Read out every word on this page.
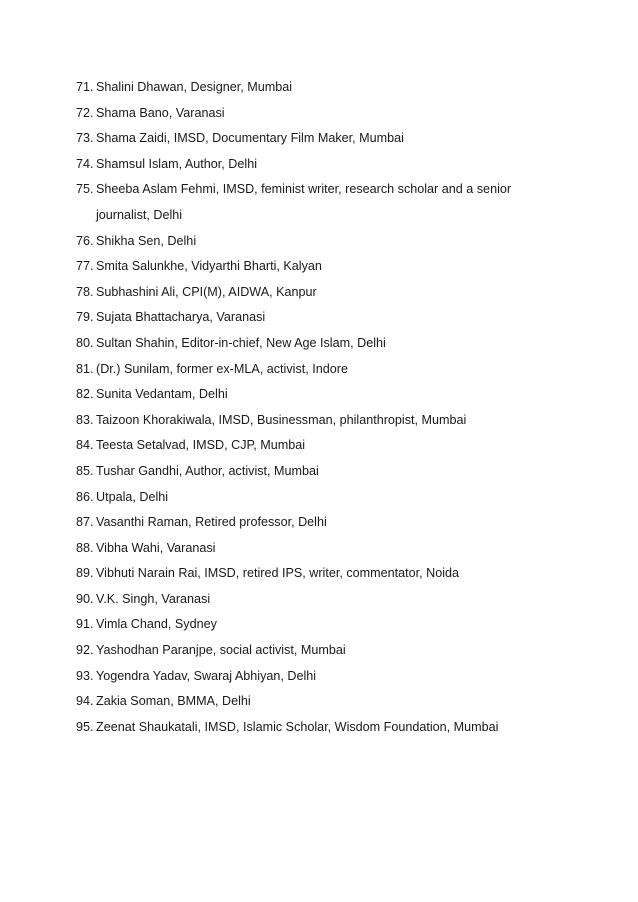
71. Shalini Dhawan, Designer, Mumbai
72. Shama Bano, Varanasi
73. Shama Zaidi, IMSD, Documentary Film Maker, Mumbai
74. Shamsul Islam, Author, Delhi
75. Sheeba Aslam Fehmi, IMSD, feminist writer, research scholar and a senior
journalist, Delhi
76. Shikha Sen, Delhi
77. Smita Salunkhe, Vidyarthi Bharti, Kalyan
78. Subhashini Ali, CPI(M), AIDWA, Kanpur
79. Sujata Bhattacharya, Varanasi
80. Sultan Shahin, Editor-in-chief, New Age Islam, Delhi
81. (Dr.) Sunilam, former ex-MLA, activist, Indore
82. Sunita Vedantam, Delhi
83. Taizoon Khorakiwala, IMSD, Businessman, philanthropist, Mumbai
84. Teesta Setalvad, IMSD, CJP, Mumbai
85. Tushar Gandhi, Author, activist, Mumbai
86. Utpala, Delhi
87. Vasanthi Raman, Retired professor, Delhi
88. Vibha Wahi, Varanasi
89. Vibhuti Narain Rai, IMSD, retired IPS, writer, commentator, Noida
90. V.K. Singh, Varanasi
91. Vimla Chand, Sydney
92. Yashodhan Paranjpe, social activist, Mumbai
93. Yogendra Yadav, Swaraj Abhiyan, Delhi
94. Zakia Soman, BMMA, Delhi
95. Zeenat Shaukatali, IMSD, Islamic Scholar, Wisdom Foundation, Mumbai
